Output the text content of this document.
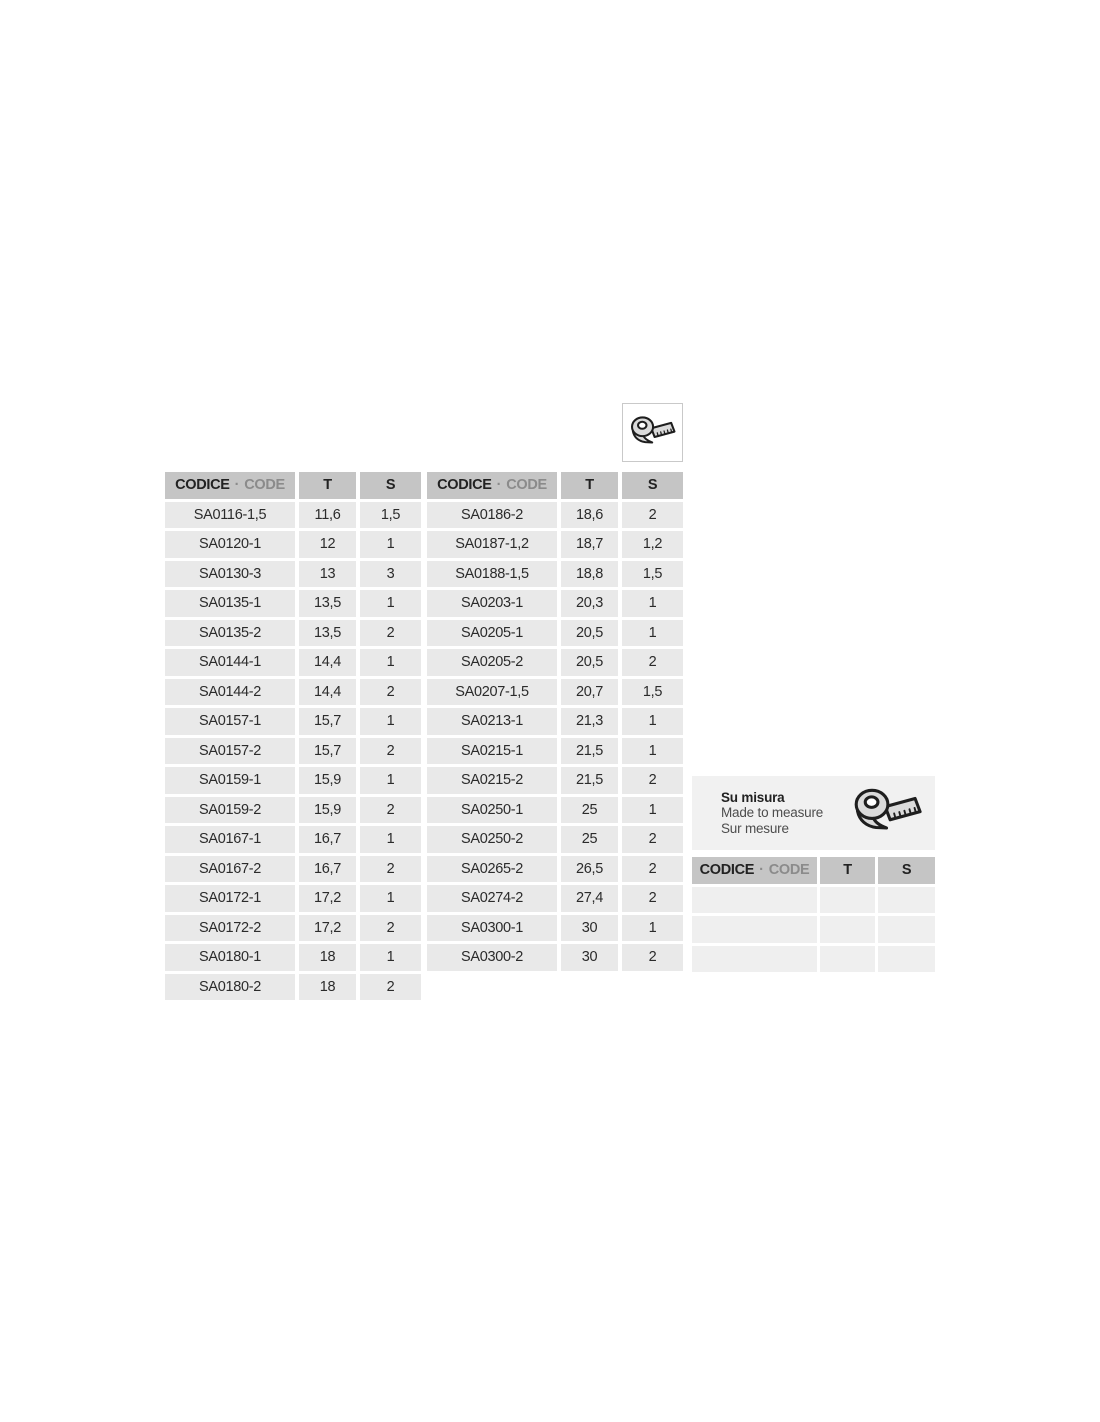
CODICE · CODE	T	S
SA0116-1,5	11,6	1,5
SA0120-1	12	1
SA0130-3	13	3
SA0135-1	13,5	1
SA0135-2	13,5	2
SA0144-1	14,4	1
SA0144-2	14,4	2
SA0157-1	15,7	1
SA0157-2	15,7	2
SA0159-1	15,9	1
SA0159-2	15,9	2
SA0167-1	16,7	1
SA0167-2	16,7	2
SA0172-1	17,2	1
SA0172-2	17,2	2
SA0180-1	18	1
SA0180-2	18	2
CODICE · CODE	T	S
SA0186-2	18,6	2
SA0187-1,2	18,7	1,2
SA0188-1,5	18,8	1,5
SA0203-1	20,3	1
SA0205-1	20,5	1
SA0205-2	20,5	2
SA0207-1,5	20,7	1,5
SA0213-1	21,3	1
SA0215-1	21,5	1
SA0215-2	21,5	2
SA0250-1	25	1
SA0250-2	25	2
SA0265-2	26,5	2
SA0274-2	27,4	2
SA0300-1	30	1
SA0300-2	30	2
Su misura
Made to measure
Sur mesure
CODICE · CODE	T	S
